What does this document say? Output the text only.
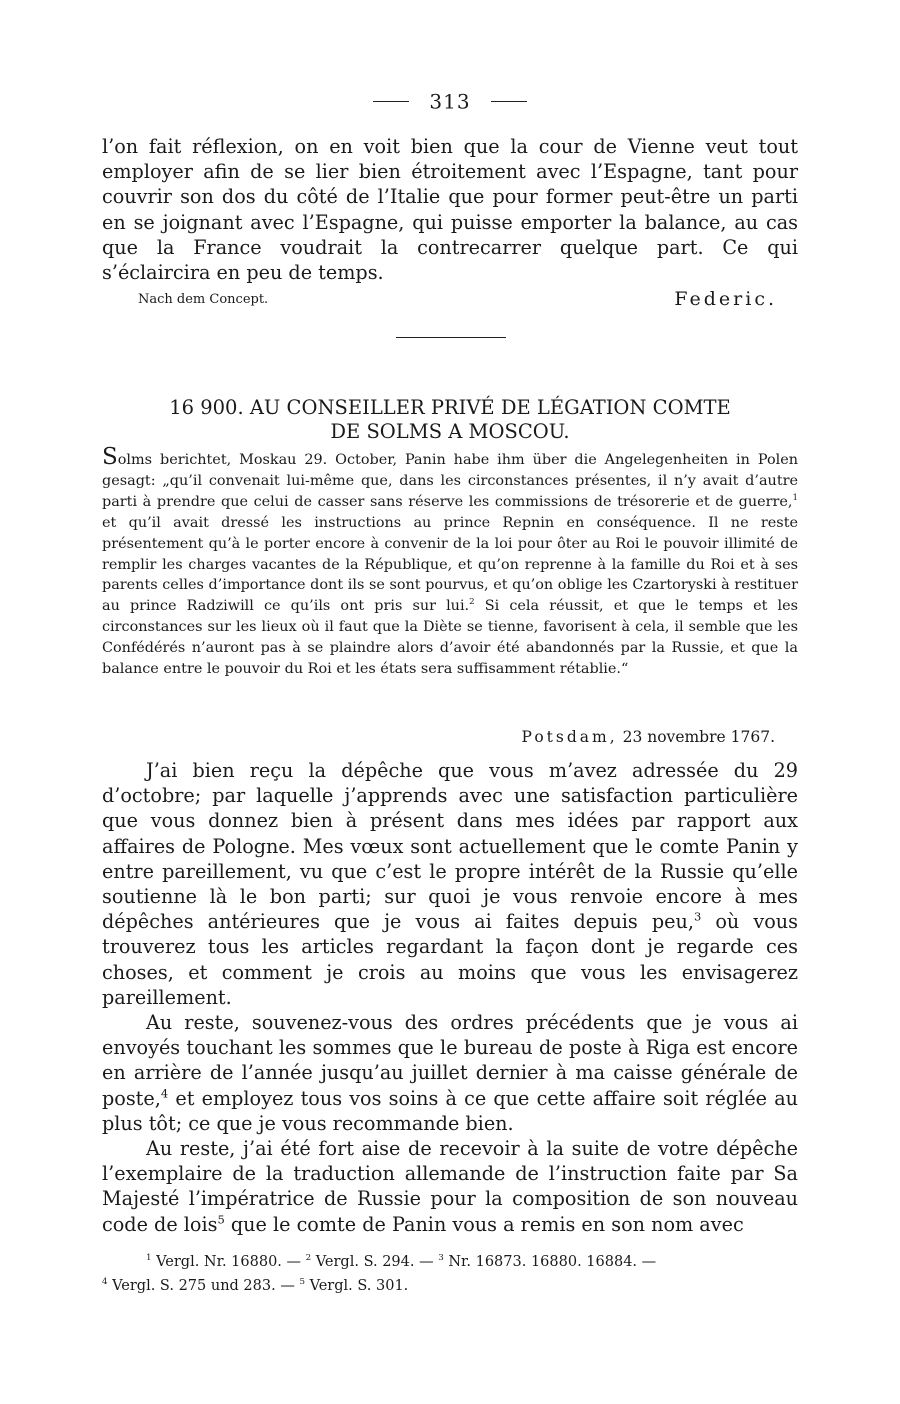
313

l’on fait réflexion, on en voit bien que la cour de Vienne veut tout employer afin de se lier bien étroitement avec l’Espagne, tant pour couvrir son dos du côté de l’Italie que pour former peut-être un parti en se joignant avec l’Espagne, qui puisse emporter la balance, au cas que la France voudrait la contrecarrer quelque part. Ce qui s’éclaircira en peu de temps.

Nach dem Concept.	Federic.
16 900. AU CONSEILLER PRIVÉ DE LÉGATION COMTE
DE SOLMS A MOSCOU.
Solms berichtet, Moskau 29. October, Panin habe ihm über die Angelegenheiten in Polen gesagt: „qu’il convenait lui-même que, dans les circonstances présentes, il n’y avait d’autre parti à prendre que celui de casser sans réserve les commissions de trésorerie et de guerre,$^1$ et qu’il avait dressé les instructions au prince Repnin en conséquence. Il ne reste présentement qu’à le porter encore à convenir de la loi pour ôter au Roi le pouvoir illimité de remplir les charges vacantes de la République, et qu’on reprenne à la famille du Roi et à ses parents celles d’importance dont ils se sont pourvus, et qu’on oblige les Czartoryski à restituer au prince Radziwill ce qu’ils ont pris sur lui.$^2$ Si cela réussit, et que le temps et les circonstances sur les lieux où il faut que la Diète se tienne, favorisent à cela, il semble que les Confédérés n’auront pas à se plaindre alors d’avoir été abandonnés par la Russie, et que la balance entre le pouvoir du Roi et les états sera suffisamment rétablie.“
Potsdam, 23 novembre 1767.

J’ai bien reçu la dépêche que vous m’avez adressée du 29 d’octobre; par laquelle j’apprends avec une satisfaction particulière que vous donnez bien à présent dans mes idées par rapport aux affaires de Pologne. Mes vœux sont actuellement que le comte Panin y entre pareillement, vu que c’est le propre intérêt de la Russie qu’elle soutienne là le bon parti; sur quoi je vous renvoie encore à mes dépêches antérieures que je vous ai faites depuis peu,$^3$ où vous trouverez tous les articles regardant la façon dont je regarde ces choses, et comment je crois au moins que vous les envisagerez pareillement.

Au reste, souvenez-vous des ordres précédents que je vous ai envoyés touchant les sommes que le bureau de poste à Riga est encore en arrière de l’année jusqu’au juillet dernier à ma caisse générale de poste,$^4$ et employez tous vos soins à ce que cette affaire soit réglée au plus tôt; ce que je vous recommande bien.

Au reste, j’ai été fort aise de recevoir à la suite de votre dépêche l’exemplaire de la traduction allemande de l’instruction faite par Sa Majesté l’impératrice de Russie pour la composition de son nouveau code de lois$^5$ que le comte de Panin vous a remis en son nom avec

$^1$ Vergl. Nr. 16880. — $^2$ Vergl. S. 294. — $^3$ Nr. 16873. 16880. 16884. —

$^4$ Vergl. S. 275 und 283. — $^5$ Vergl. S. 301.
